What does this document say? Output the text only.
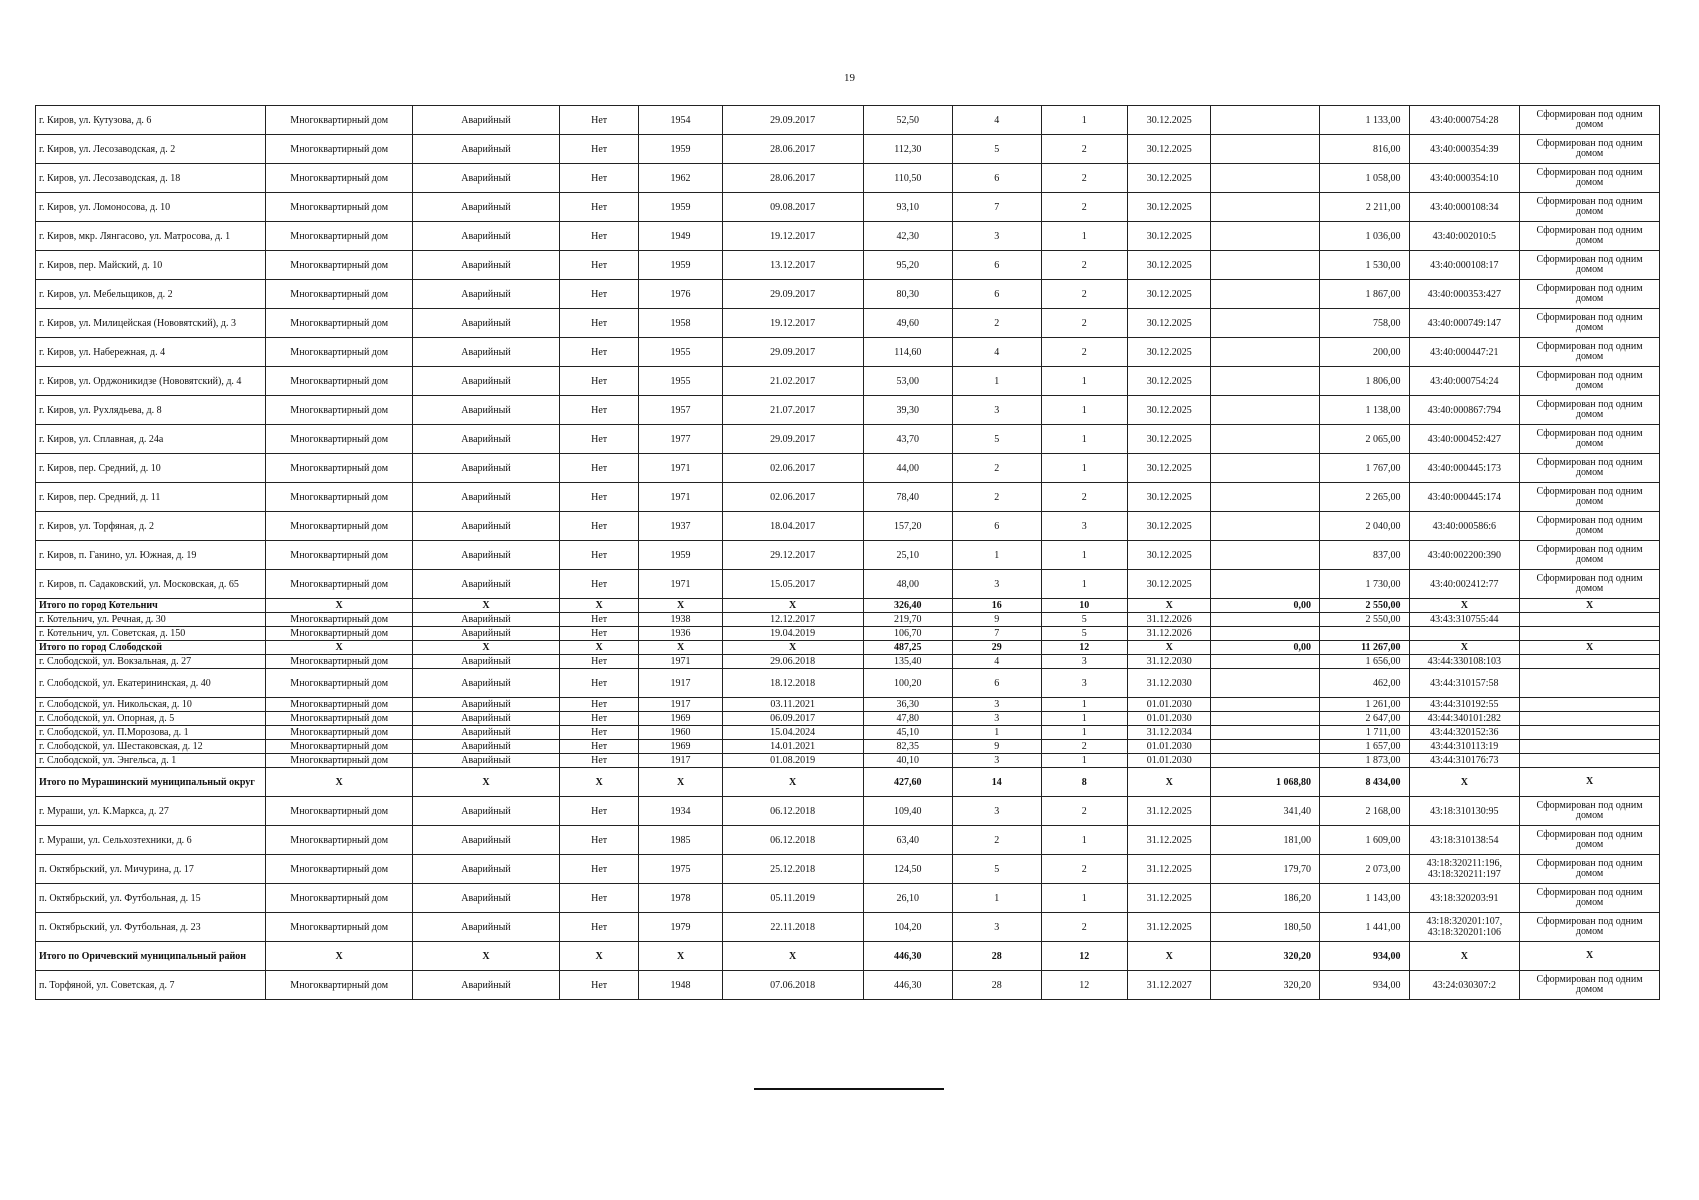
19
г. Киров, ул. Кутузова, д. 6	Многоквартирный дом	Аварийный	Нет	1954	29.09.2017	52,50	4	1	30.12.2025		1 133,00	43:40:000754:28	Сформирован под одним домом
г. Киров, ул. Лесозаводская, д. 2	Многоквартирный дом	Аварийный	Нет	1959	28.06.2017	112,30	5	2	30.12.2025		816,00	43:40:000354:39	Сформирован под одним домом
г. Киров, ул. Лесозаводская, д. 18	Многоквартирный дом	Аварийный	Нет	1962	28.06.2017	110,50	6	2	30.12.2025		1 058,00	43:40:000354:10	Сформирован под одним домом
г. Киров, ул. Ломоносова, д. 10	Многоквартирный дом	Аварийный	Нет	1959	09.08.2017	93,10	7	2	30.12.2025		2 211,00	43:40:000108:34	Сформирован под одним домом
г. Киров, мкр. Лянгасово, ул. Матросова, д. 1	Многоквартирный дом	Аварийный	Нет	1949	19.12.2017	42,30	3	1	30.12.2025		1 036,00	43:40:002010:5	Сформирован под одним домом
г. Киров, пер. Майский, д. 10	Многоквартирный дом	Аварийный	Нет	1959	13.12.2017	95,20	6	2	30.12.2025		1 530,00	43:40:000108:17	Сформирован под одним домом
г. Киров, ул. Мебельщиков, д. 2	Многоквартирный дом	Аварийный	Нет	1976	29.09.2017	80,30	6	2	30.12.2025		1 867,00	43:40:000353:427	Сформирован под одним домом
г. Киров, ул. Милицейская (Нововятский), д. 3	Многоквартирный дом	Аварийный	Нет	1958	19.12.2017	49,60	2	2	30.12.2025		758,00	43:40:000749:147	Сформирован под одним домом
г. Киров, ул. Набережная, д. 4	Многоквартирный дом	Аварийный	Нет	1955	29.09.2017	114,60	4	2	30.12.2025		200,00	43:40:000447:21	Сформирован под одним домом
г. Киров, ул. Орджоникидзе (Нововятский), д. 4	Многоквартирный дом	Аварийный	Нет	1955	21.02.2017	53,00	1	1	30.12.2025		1 806,00	43:40:000754:24	Сформирован под одним домом
г. Киров, ул. Рухлядьева, д. 8	Многоквартирный дом	Аварийный	Нет	1957	21.07.2017	39,30	3	1	30.12.2025		1 138,00	43:40:000867:794	Сформирован под одним домом
г. Киров, ул. Сплавная, д. 24а	Многоквартирный дом	Аварийный	Нет	1977	29.09.2017	43,70	5	1	30.12.2025		2 065,00	43:40:000452:427	Сформирован под одним домом
г. Киров, пер. Средний, д. 10	Многоквартирный дом	Аварийный	Нет	1971	02.06.2017	44,00	2	1	30.12.2025		1 767,00	43:40:000445:173	Сформирован под одним домом
г. Киров, пер. Средний, д. 11	Многоквартирный дом	Аварийный	Нет	1971	02.06.2017	78,40	2	2	30.12.2025		2 265,00	43:40:000445:174	Сформирован под одним домом
г. Киров, ул. Торфяная, д. 2	Многоквартирный дом	Аварийный	Нет	1937	18.04.2017	157,20	6	3	30.12.2025		2 040,00	43:40:000586:6	Сформирован под одним домом
г. Киров, п. Ганино, ул. Южная, д. 19	Многоквартирный дом	Аварийный	Нет	1959	29.12.2017	25,10	1	1	30.12.2025		837,00	43:40:002200:390	Сформирован под одним домом
г. Киров, п. Садаковский, ул. Московская, д. 65	Многоквартирный дом	Аварийный	Нет	1971	15.05.2017	48,00	3	1	30.12.2025		1 730,00	43:40:002412:77	Сформирован под одним домом
Итого по город Котельнич	X	X	X	X	X	326,40	16	10	X	0,00	2 550,00	X	X
г. Котельнич, ул. Речная, д. 30	Многоквартирный дом	Аварийный	Нет	1938	12.12.2017	219,70	9	5	31.12.2026		2 550,00	43:43:310755:44	
г. Котельнич, ул. Советская, д. 150	Многоквартирный дом	Аварийный	Нет	1936	19.04.2019	106,70	7	5	31.12.2026				
Итого по город Слободской	X	X	X	X	X	487,25	29	12	X	0,00	11 267,00	X	X
г. Слободской, ул. Вокзальная, д. 27	Многоквартирный дом	Аварийный	Нет	1971	29.06.2018	135,40	4	3	31.12.2030		1 656,00	43:44:330108:103	
г. Слободской, ул. Екатерининская, д. 40	Многоквартирный дом	Аварийный	Нет	1917	18.12.2018	100,20	6	3	31.12.2030		462,00	43:44:310157:58	
г. Слободской, ул. Никольская, д. 10	Многоквартирный дом	Аварийный	Нет	1917	03.11.2021	36,30	3	1	01.01.2030		1 261,00	43:44:310192:55	
г. Слободской, ул. Опорная, д. 5	Многоквартирный дом	Аварийный	Нет	1969	06.09.2017	47,80	3	1	01.01.2030		2 647,00	43:44:340101:282	
г. Слободской, ул. П.Морозова, д. 1	Многоквартирный дом	Аварийный	Нет	1960	15.04.2024	45,10	1	1	31.12.2034		1 711,00	43:44:320152:36	
г. Слободской, ул. Шестаковская, д. 12	Многоквартирный дом	Аварийный	Нет	1969	14.01.2021	82,35	9	2	01.01.2030		1 657,00	43:44:310113:19	
г. Слободской, ул. Энгельса, д. 1	Многоквартирный дом	Аварийный	Нет	1917	01.08.2019	40,10	3	1	01.01.2030		1 873,00	43:44:310176:73	
Итого по Мурашинский муниципальный округ	X	X	X	X	X	427,60	14	8	X	1 068,80	8 434,00	X	X
г. Мураши, ул. К.Маркса, д. 27	Многоквартирный дом	Аварийный	Нет	1934	06.12.2018	109,40	3	2	31.12.2025	341,40	2 168,00	43:18:310130:95	Сформирован под одним домом
г. Мураши, ул. Сельхозтехники, д. 6	Многоквартирный дом	Аварийный	Нет	1985	06.12.2018	63,40	2	1	31.12.2025	181,00	1 609,00	43:18:310138:54	Сформирован под одним домом
п. Октябрьский, ул. Мичурина, д. 17	Многоквартирный дом	Аварийный	Нет	1975	25.12.2018	124,50	5	2	31.12.2025	179,70	2 073,00	43:18:320211:196, 43:18:320211:197	Сформирован под одним домом
п. Октябрьский, ул. Футбольная, д. 15	Многоквартирный дом	Аварийный	Нет	1978	05.11.2019	26,10	1	1	31.12.2025	186,20	1 143,00	43:18:320203:91	Сформирован под одним домом
п. Октябрьский, ул. Футбольная, д. 23	Многоквартирный дом	Аварийный	Нет	1979	22.11.2018	104,20	3	2	31.12.2025	180,50	1 441,00	43:18:320201:107, 43:18:320201:106	Сформирован под одним домом
Итого по Оричевский муниципальный район	X	X	X	X	X	446,30	28	12	X	320,20	934,00	X	X
п. Торфяной, ул. Советская, д. 7	Многоквартирный дом	Аварийный	Нет	1948	07.06.2018	446,30	28	12	31.12.2027	320,20	934,00	43:24:030307:2	Сформирован под одним домом
